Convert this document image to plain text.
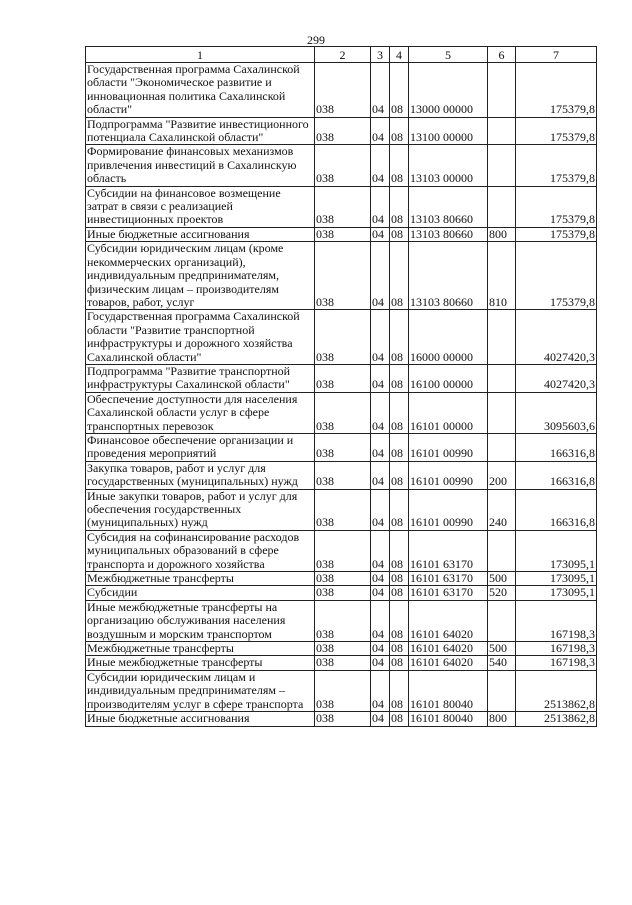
299
1	2	3	4	5	6	7
Государственная программа Сахалинской области "Экономическое развитие и инновационная политика Сахалинской области"	038	04	08	13000 00000		175379,8
Подпрограмма "Развитие инвестиционного потенциала Сахалинской области"	038	04	08	13100 00000		175379,8
Формирование финансовых механизмов привлечения инвестиций в Сахалинскую область	038	04	08	13103 00000		175379,8
Субсидии на финансовое возмещение затрат в связи с реализацией инвестиционных проектов	038	04	08	13103 80660		175379,8
Иные бюджетные ассигнования	038	04	08	13103 80660	800	175379,8
Субсидии юридическим лицам (кроме некоммерческих организаций), индивидуальным предпринимателям, физическим лицам – производителям товаров, работ, услуг	038	04	08	13103 80660	810	175379,8
Государственная программа Сахалинской области "Развитие транспортной инфраструктуры и дорожного хозяйства Сахалинской области"	038	04	08	16000 00000		4027420,3
Подпрограмма "Развитие транспортной инфраструктуры Сахалинской области"	038	04	08	16100 00000		4027420,3
Обеспечение доступности для населения Сахалинской области услуг в сфере транспортных перевозок	038	04	08	16101 00000		3095603,6
Финансовое обеспечение организации и проведения мероприятий	038	04	08	16101 00990		166316,8
Закупка товаров, работ и услуг для государственных (муниципальных) нужд	038	04	08	16101 00990	200	166316,8
Иные закупки товаров, работ и услуг для обеспечения государственных (муниципальных) нужд	038	04	08	16101 00990	240	166316,8
Субсидия на софинансирование расходов муниципальных образований в сфере транспорта и дорожного хозяйства	038	04	08	16101 63170		173095,1
Межбюджетные трансферты	038	04	08	16101 63170	500	173095,1
Субсидии	038	04	08	16101 63170	520	173095,1
Иные межбюджетные трансферты на организацию обслуживания населения воздушным и морским транспортом	038	04	08	16101 64020		167198,3
Межбюджетные трансферты	038	04	08	16101 64020	500	167198,3
Иные межбюджетные трансферты	038	04	08	16101 64020	540	167198,3
Субсидии юридическим лицам и индивидуальным предпринимателям – производителям услуг в сфере транспорта	038	04	08	16101 80040		2513862,8
Иные бюджетные ассигнования	038	04	08	16101 80040	800	2513862,8
